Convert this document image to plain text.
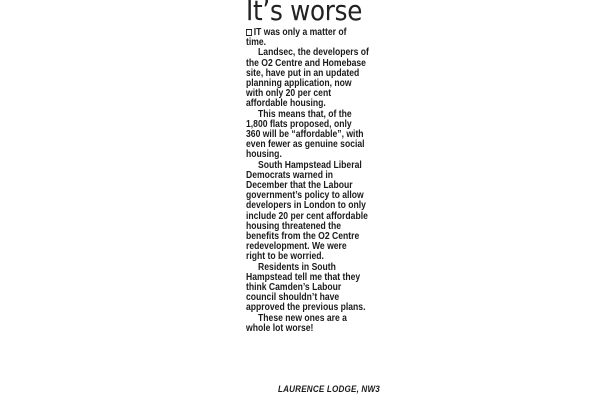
It’s worse
IT was only a matter of
time.
Landsec, the developers of
the O2 Centre and Homebase
site, have put in an updated
planning application, now
with only 20 per cent
affordable housing.
This means that, of the
1,800 flats proposed, only
360 will be “affordable”, with
even fewer as genuine social
housing.
South Hampstead Liberal
Democrats warned in
December that the Labour
government’s policy to allow
developers in London to only
include 20 per cent affordable
housing threatened the
benefits from the O2 Centre
redevelopment. We were
right to be worried.
Residents in South
Hampstead tell me that they
think Camden’s Labour
council shouldn’t have
approved the previous plans.
These new ones are a
whole lot worse!
LAURENCE LODGE, NW3
